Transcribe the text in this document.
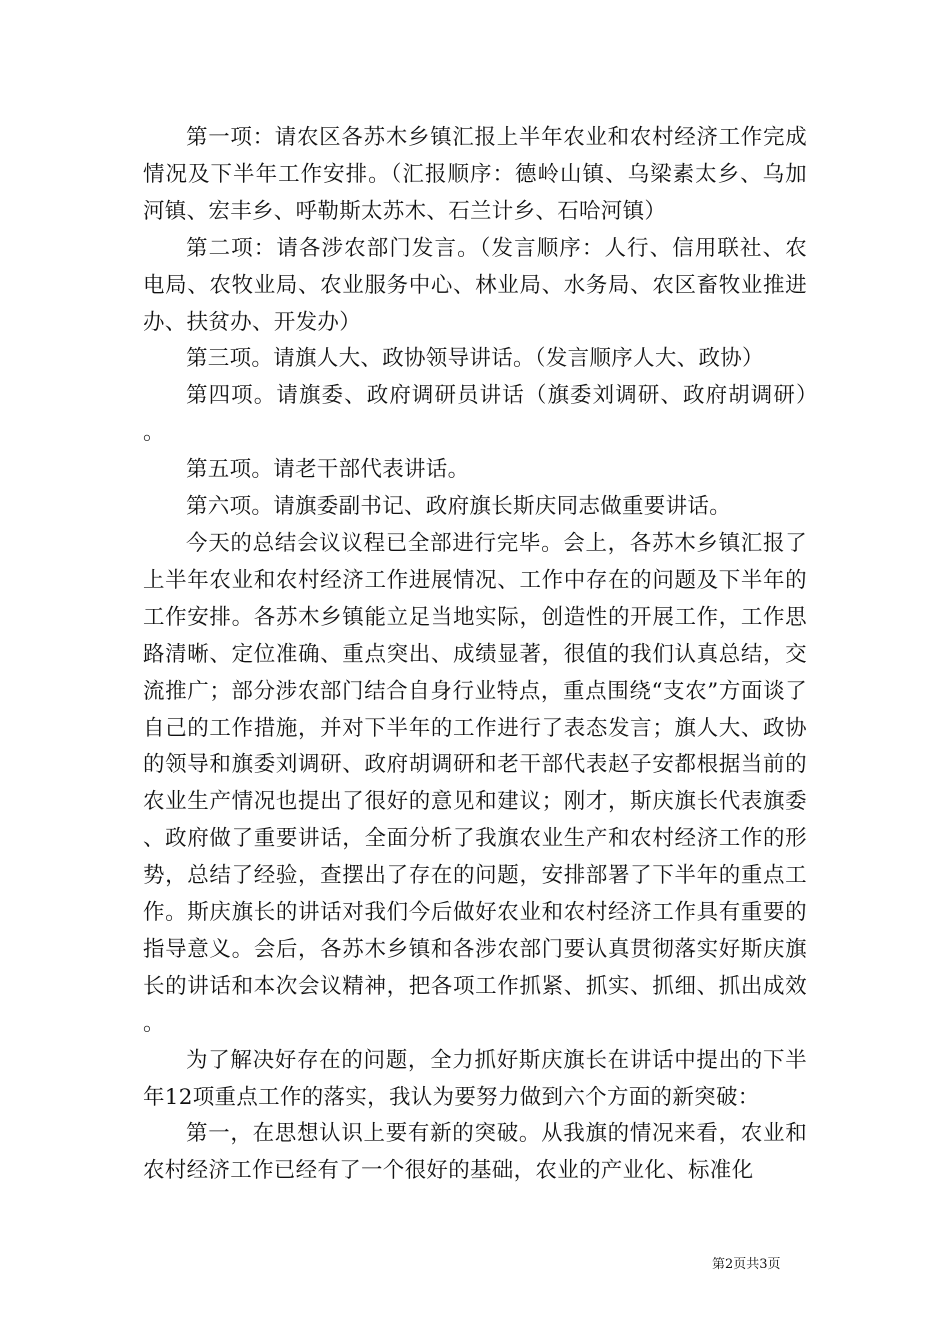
第一项：请农区各苏木乡镇汇报上半年农业和农村经济工作完成情况及下半年工作安排。（汇报顺序：德岭山镇、乌梁素太乡、乌加河镇、宏丰乡、呼勒斯太苏木、石兰计乡、石哈河镇）

第二项：请各涉农部门发言。（发言顺序：人行、信用联社、农电局、农牧业局、农业服务中心、林业局、水务局、农区畜牧业推进办、扶贫办、开发办）

第三项。请旗人大、政协领导讲话。（发言顺序人大、政协）

第四项。请旗委、政府调研员讲话（旗委刘调研、政府胡调研）。

第五项。请老干部代表讲话。

第六项。请旗委副书记、政府旗长斯庆同志做重要讲话。

今天的总结会议议程已全部进行完毕。会上，各苏木乡镇汇报了上半年农业和农村经济工作进展情况、工作中存在的问题及下半年的工作安排。各苏木乡镇能立足当地实际，创造性的开展工作，工作思路清晰、定位准确、重点突出、成绩显著，很值的我们认真总结，交流推广；部分涉农部门结合自身行业特点，重点围绕“支农”方面谈了自己的工作措施，并对下半年的工作进行了表态发言；旗人大、政协的领导和旗委刘调研、政府胡调研和老干部代表赵子安都根据当前的农业生产情况也提出了很好的意见和建议；刚才，斯庆旗长代表旗委、政府做了重要讲话，全面分析了我旗农业生产和农村经济工作的形势，总结了经验，查摆出了存在的问题，安排部署了下半年的重点工作。斯庆旗长的讲话对我们今后做好农业和农村经济工作具有重要的指导意义。会后，各苏木乡镇和各涉农部门要认真贯彻落实好斯庆旗长的讲话和本次会议精神，把各项工作抓紧、抓实、抓细、抓出成效。

为了解决好存在的问题，全力抓好斯庆旗长在讲话中提出的下半年12项重点工作的落实，我认为要努力做到六个方面的新突破：

第一，在思想认识上要有新的突破。从我旗的情况来看，农业和农村经济工作已经有了一个很好的基础，农业的产业化、标准化

第2页共3页
